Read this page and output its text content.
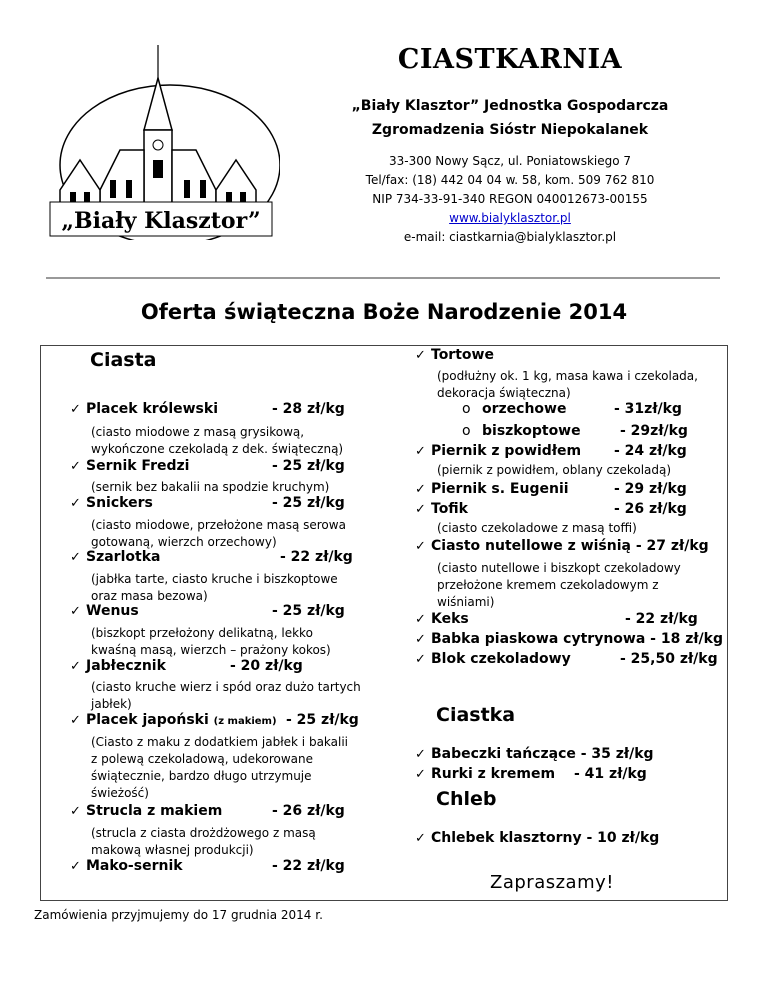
„Biały Klasztor”
CIASTKARNIA
„Biały Klasztor” Jednostka Gospodarcza
Zgromadzenia Sióstr Niepokalanek
33-300 Nowy Sącz, ul. Poniatowskiego 7
Tel/fax: (18) 442 04 04 w. 58, kom. 509 762 810
NIP 734-33-91-340 REGON 040012673-00155
www.bialyklasztor.pl
e-mail: ciastkarnia@bialyklasztor.pl
Oferta świąteczna Boże Narodzenie 2014
Ciasta
✓ Placek królewski	- 28 zł/kg
(ciasto miodowe z masą grysikową,
wykończone czekoladą z dek. świąteczną)
✓ Sernik Fredzi	- 25 zł/kg
(sernik bez bakalii na spodzie kruchym)
✓ Snickers	- 25 zł/kg
(ciasto miodowe, przełożone masą serowa
gotowaną, wierzch orzechowy)
✓ Szarlotka	- 22 zł/kg
(jabłka tarte, ciasto kruche i biszkoptowe
oraz masa bezowa)
✓ Wenus	- 25 zł/kg
(biszkopt przełożony delikatną, lekko
kwaśną masą, wierzch – prażony kokos)
✓ Jabłecznik	- 20 zł/kg
(ciasto kruche wierz i spód oraz dużo tartych
jabłek)
✓ Placek japoński (z makiem) - 25 zł/kg
(Ciasto z maku z dodatkiem jabłek i bakalii
z polewą czekoladową, udekorowane
świątecznie, bardzo długo utrzymuje
świeżość)
✓ Strucla z makiem	- 26 zł/kg
(strucla z ciasta drożdżowego z masą
makową własnej produkcji)
✓ Mako-sernik	- 22 zł/kg
✓ Tortowe
(podłużny ok. 1 kg, masa kawa i czekolada,
dekoracja świąteczna)
o orzechowe	- 31zł/kg
o biszkoptowe	- 29zł/kg
✓ Piernik z powidłem - 24 zł/kg
(piernik z powidłem, oblany czekoladą)
✓ Piernik s. Eugenii	- 29 zł/kg
✓ Tofik	- 26 zł/kg
(ciasto czekoladowe z masą toffi)
✓ Ciasto nutellowe z wiśnią - 27 zł/kg
(ciasto nutellowe i biszkopt czekoladowy
przełożone kremem czekoladowym z
wiśniami)
✓ Keks	- 22 zł/kg
✓ Babka piaskowa cytrynowa - 18 zł/kg
✓ Blok czekoladowy	- 25,50 zł/kg
Ciastka
✓ Babeczki tańczące - 35 zł/kg
✓ Rurki z kremem - 41 zł/kg
Chleb
✓ Chlebek klasztorny - 10 zł/kg
Zapraszamy!
Zamówienia przyjmujemy do 17 grudnia 2014 r.
